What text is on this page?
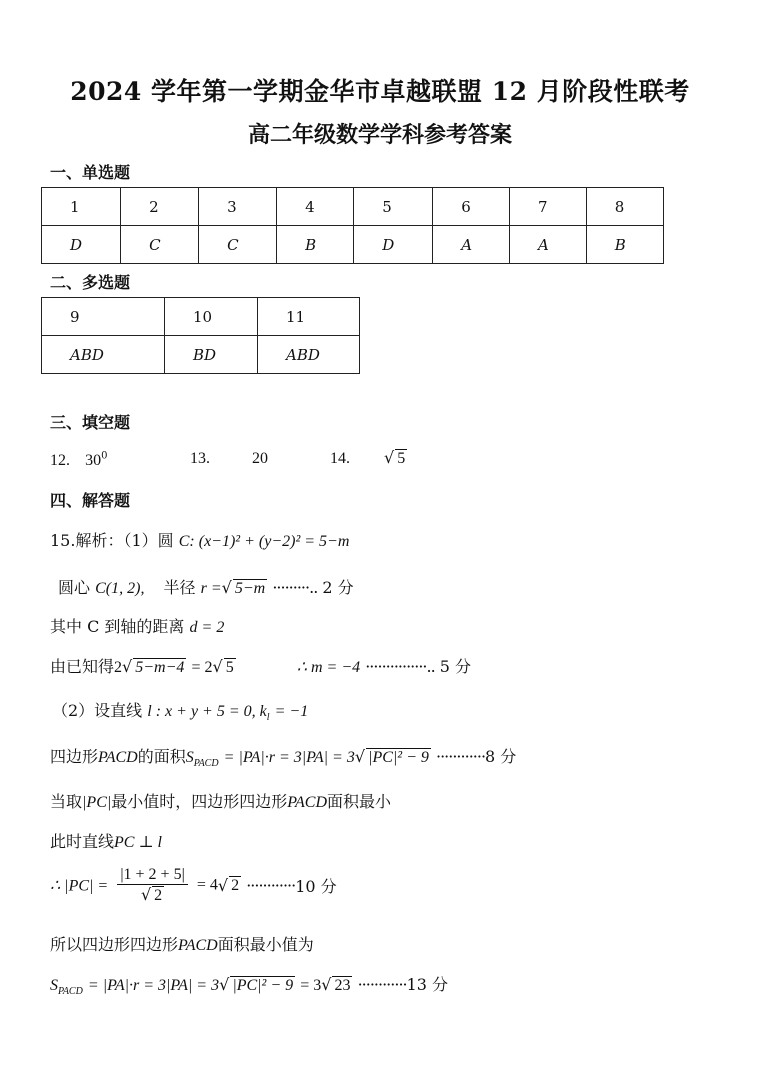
2024 学年第一学期金华市卓越联盟 12 月阶段性联考
高二年级数学学科参考答案
一、单选题
1	2	3	4	5	6	7	8
D	C	C	B	D	A	A	B
二、多选题
9	10	11
ABD	BD	ABD
三、填空题
12. $30^0$	13.	20	14. √ 5
四、解答题
15.解析：（1）圆 C: (x−1)² + (y−2)² = 5−m
圆心 C(1, 2), 半径 r =√ 5−m ·········.. 2 分
其中 C 到轴的距离 d = 2
由已知得2√ 5−m−4 = 2√ 5	∴ m = −4 ···············.. 5 分
（2）设直线 l : x + y + 5 = 0, $k_l = -1$
四边形PACD的面积$S_{PACD} = |PA|\cdot r = 3|PA| = 3√$ |PC|² − 9 ············8 分
当取|PC|最小值时，四边形四边形PACD面积最小
此时直线PC ⊥ l
∴ $|PC| = \frac{|1 + 2 + 5|}{√ 2} = 4√$ 2 ············10 分
所以四边形四边形PACD面积最小值为
$S_{PACD} = |PA|\cdot r = 3|PA| = 3√$ |PC|² − 9 = 3√ 23 ············13 分
